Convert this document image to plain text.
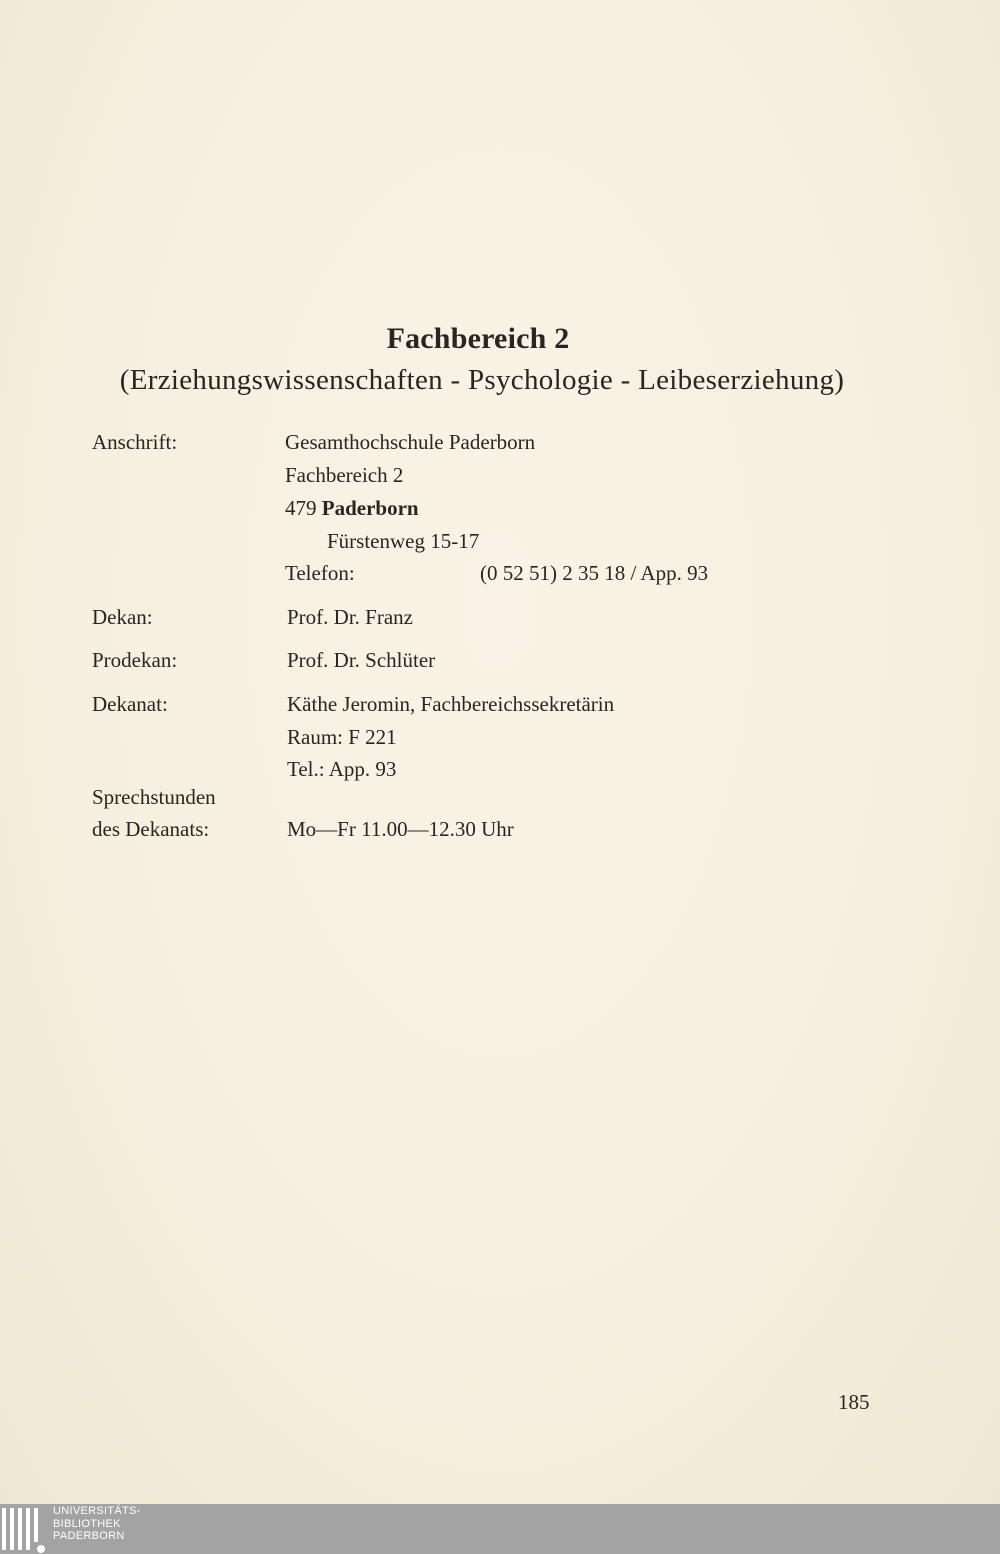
Fachbereich 2
(Erziehungswissenschaften - Psychologie - Leibeserziehung)
Anschrift:	Gesamthochschule Paderborn
Fachbereich 2
479 Paderborn
Fürstenweg 15-17
Telefon:	(0 52 51) 2 35 18 / App. 93
Dekan:	Prof. Dr. Franz
Prodekan:	Prof. Dr. Schlüter
Dekanat:	Käthe Jeromin, Fachbereichssekretärin
Raum: F 221
Tel.: App. 93
Sprechstunden
des Dekanats:	Mo—Fr 11.00—12.30 Uhr
185
UNIVERSITÄTS-
BIBLIOTHEK
PADERBORN
